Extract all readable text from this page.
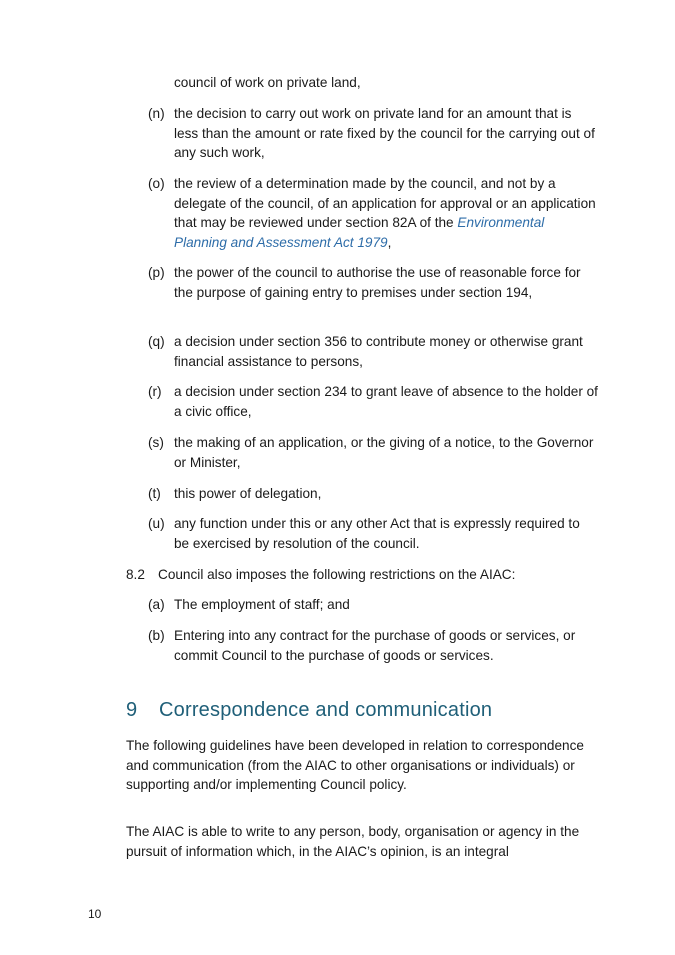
council of work on private land,
(n) the decision to carry out work on private land for an amount that is less than the amount or rate fixed by the council for the carrying out of any such work,
(o) the review of a determination made by the council, and not by a delegate of the council, of an application for approval or an application that may be reviewed under section 82A of the Environmental Planning and Assessment Act 1979,
(p) the power of the council to authorise the use of reasonable force for the purpose of gaining entry to premises under section 194,
(q) a decision under section 356 to contribute money or otherwise grant financial assistance to persons,
(r) a decision under section 234 to grant leave of absence to the holder of a civic office,
(s) the making of an application, or the giving of a notice, to the Governor or Minister,
(t) this power of delegation,
(u) any function under this or any other Act that is expressly required to be exercised by resolution of the council.
8.2 Council also imposes the following restrictions on the AIAC:
(a) The employment of staff; and
(b) Entering into any contract for the purchase of goods or services, or commit Council to the purchase of goods or services.
9 Correspondence and communication
The following guidelines have been developed in relation to correspondence and communication (from the AIAC to other organisations or individuals) or supporting and/or implementing Council policy.
The AIAC is able to write to any person, body, organisation or agency in the pursuit of information which, in the AIAC’s opinion, is an integral
10
